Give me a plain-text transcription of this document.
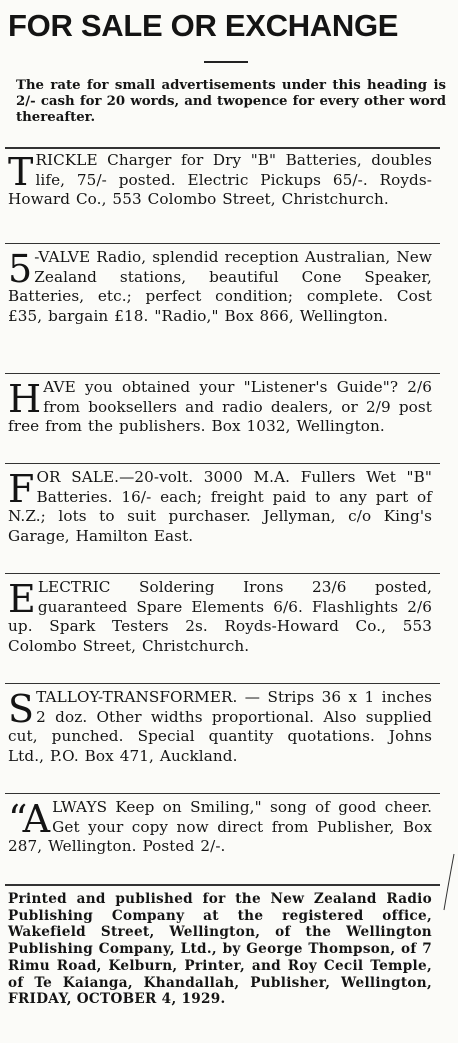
FOR SALE OR EXCHANGE
The rate for small advertisements under this heading is 2/- cash for 20 words, and twopence for every other word thereafter.

TRICKLE Charger for Dry "B" Batteries, doubles life, 75/- posted. Electric Pickups 65/-. Royds-Howard Co., 553 Colombo Street, Christchurch.

5 -VALVE Radio, splendid reception Australian, New Zealand stations, beautiful Cone Speaker, Batteries, etc.; perfect condition; complete. Cost £35, bargain £18. "Radio," Box 866, Wellington.

HAVE you obtained your "Listener's Guide"? 2/6 from booksellers and radio dealers, or 2/9 post free from the publishers. Box 1032, Wellington.

FOR SALE.—20-volt. 3000 M.A. Fullers Wet "B" Batteries. 16/- each; freight paid to any part of N.Z.; lots to suit purchaser. Jellyman, c/o King's Garage, Hamilton East.

ELECTRIC Soldering Irons 23/6 posted, guaranteed Spare Elements 6/6. Flashlights 2/6 up. Spark Testers 2s. Royds-Howard Co., 553 Colombo Street, Christchurch.

STALLOY-TRANSFORMER. — Strips 36 x 1 inches 2 doz. Other widths proportional. Also supplied cut, punched. Special quantity quotations. Johns Ltd., P.O. Box 471, Auckland.

“ALWAYS Keep on Smiling," song of good cheer. Get your copy now direct from Publisher, Box 287, Wellington. Posted 2/-.

Printed and published for the New Zealand Radio Publishing Company at the registered office, Wakefield Street, Wellington, of the Wellington Publishing Company, Ltd., by George Thompson, of 7 Rimu Road, Kelburn, Printer, and Roy Cecil Temple, of Te Kaianga, Khandallah, Publisher, Wellington, FRIDAY, OCTOBER 4, 1929.
